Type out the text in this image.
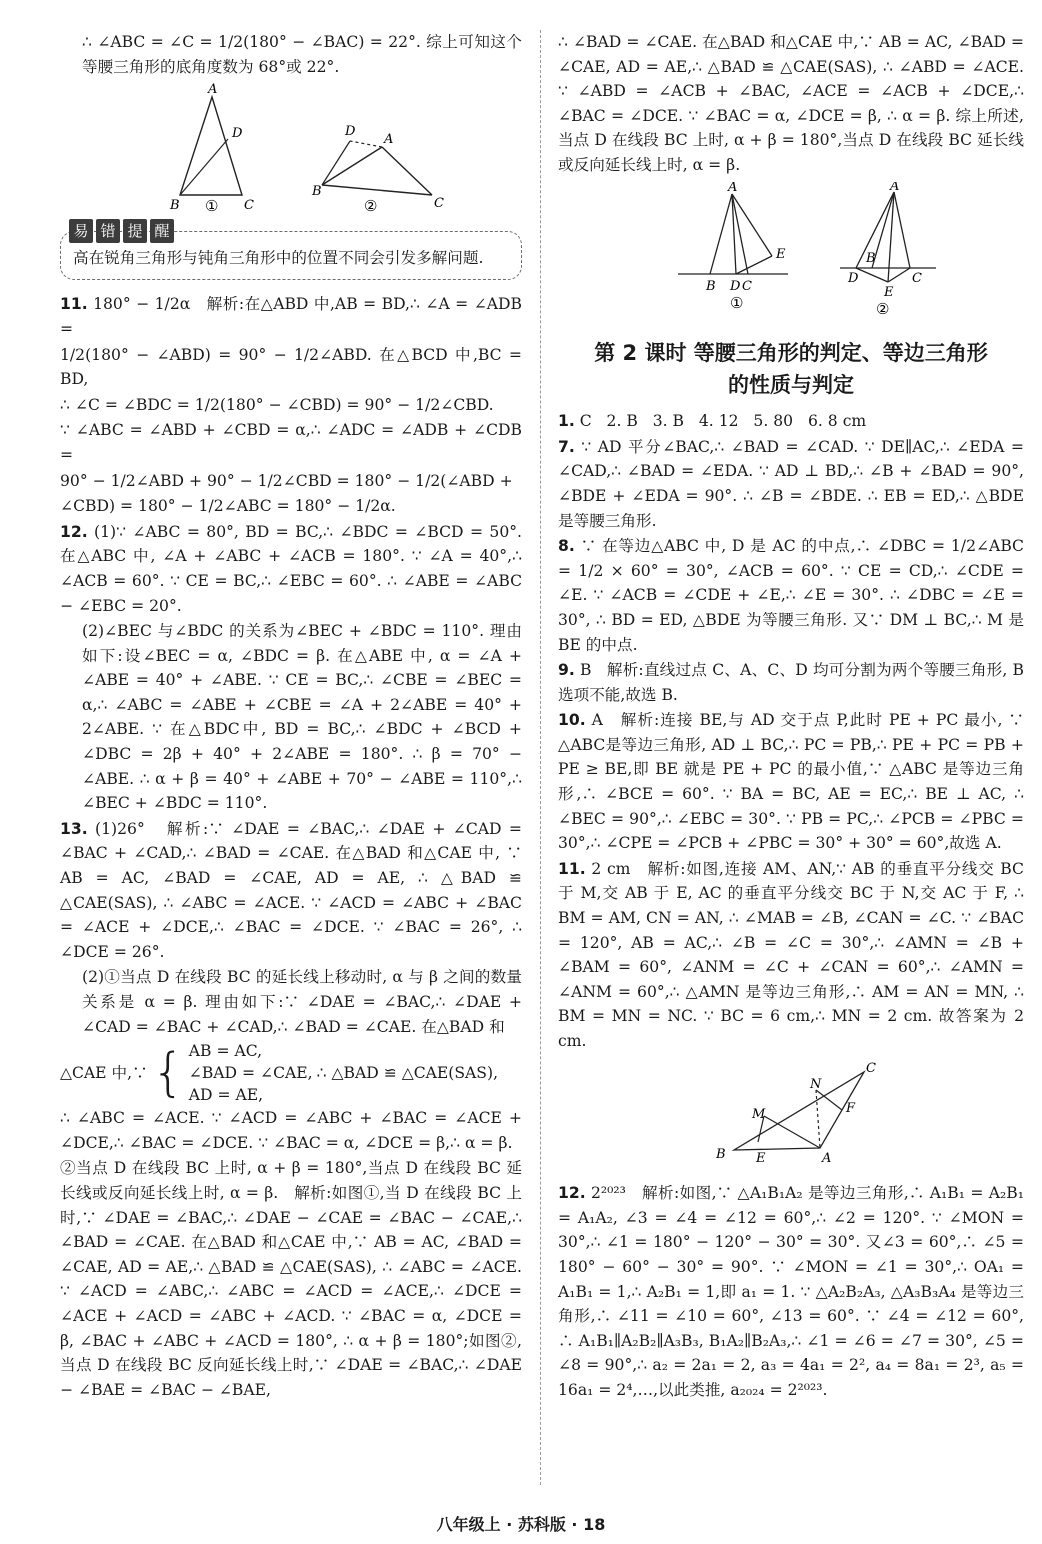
∴ ∠ABC = ∠C = 1/2(180° − ∠BAC) = 22°. 综上可知这个等腰三角形的底角度数为 68°或 22°.

A
B	C
D
①
A
B
C
D
②
易 错 提 醒

高在锐角三角形与钝角三角形中的位置不同会引发多解问题.

11. 180° − 1/2α   解析:在△ABD 中,AB = BD,∴ ∠A = ∠ADB =

1/2(180° − ∠ABD) = 90° − 1/2∠ABD. 在△BCD 中,BC = BD,

∴ ∠C = ∠BDC = 1/2(180° − ∠CBD) = 90° − 1/2∠CBD.

∵ ∠ABC = ∠ABD + ∠CBD = α,∴ ∠ADC = ∠ADB + ∠CDB =

90° − 1/2∠ABD + 90° − 1/2∠CBD = 180° − 1/2(∠ABD +

∠CBD) = 180° − 1/2∠ABC = 180° − 1/2α.

12. (1)∵ ∠ABC = 80°, BD = BC,∴ ∠BDC = ∠BCD = 50°. 在△ABC 中, ∠A + ∠ABC + ∠ACB = 180°. ∵ ∠A = 40°,∴ ∠ACB = 60°. ∵ CE = BC,∴ ∠EBC = 60°. ∴ ∠ABE = ∠ABC − ∠EBC = 20°.

(2)∠BEC 与∠BDC 的关系为∠BEC + ∠BDC = 110°. 理由如下:设∠BEC = α, ∠BDC = β. 在△ABE 中, α = ∠A + ∠ABE = 40° + ∠ABE. ∵ CE = BC,∴ ∠CBE = ∠BEC = α,∴ ∠ABC = ∠ABE + ∠CBE = ∠A + 2∠ABE = 40° + 2∠ABE. ∵ 在△BDC中, BD = BC,∴ ∠BDC + ∠BCD + ∠DBC = 2β + 40° + 2∠ABE = 180°. ∴ β = 70° − ∠ABE. ∴ α + β = 40° + ∠ABE + 70° − ∠ABE = 110°,∴ ∠BEC + ∠BDC = 110°.

13. (1)26°   解析:∵ ∠DAE = ∠BAC,∴ ∠DAE + ∠CAD = ∠BAC + ∠CAD,∴ ∠BAD = ∠CAE. 在△BAD 和△CAE 中, ∵ AB = AC, ∠BAD = ∠CAE, AD = AE, ∴ △BAD ≌ △CAE(SAS), ∴ ∠ABC = ∠ACE. ∵ ∠ACD = ∠ABC + ∠BAC = ∠ACE + ∠DCE,∴ ∠BAC = ∠DCE. ∵ ∠BAC = 26°, ∴ ∠DCE = 26°.

(2)①当点 D 在线段 BC 的延长线上移动时, α 与 β 之间的数量关系是 α = β. 理由如下:∵ ∠DAE = ∠BAC,∴ ∠DAE + ∠CAD = ∠BAC + ∠CAD,∴ ∠BAD = ∠CAE. 在△BAD 和

△CAE 中,∵ { AB = AC,
∠BAD = ∠CAE,
AD = AE,
∴ △BAD ≌ △CAE(SAS),

∴ ∠ABC = ∠ACE. ∵ ∠ACD = ∠ABC + ∠BAC = ∠ACE + ∠DCE,∴ ∠BAC = ∠DCE. ∵ ∠BAC = α, ∠DCE = β,∴ α = β.

②当点 D 在线段 BC 上时, α + β = 180°,当点 D 在线段 BC 延长线或反向延长线上时, α = β.   解析:如图①,当 D 在线段 BC 上时,∵ ∠DAE = ∠BAC,∴ ∠DAE − ∠CAE = ∠BAC − ∠CAE,∴ ∠BAD = ∠CAE. 在△BAD 和△CAE 中,∵ AB = AC, ∠BAD = ∠CAE, AD = AE,∴ △BAD ≌ △CAE(SAS), ∴ ∠ABC = ∠ACE. ∵ ∠ACD = ∠ABC,∴ ∠ABC = ∠ACD = ∠ACE,∴ ∠DCE = ∠ACE + ∠ACD = ∠ABC + ∠ACD. ∵ ∠BAC = α, ∠DCE = β, ∠BAC + ∠ABC + ∠ACD = 180°, ∴ α + β = 180°;如图②,当点 D 在线段 BC 反向延长线上时,∵ ∠DAE = ∠BAC,∴ ∠DAE − ∠BAE = ∠BAC − ∠BAE,

∴ ∠BAD = ∠CAE. 在△BAD 和△CAE 中,∵ AB = AC, ∠BAD = ∠CAE, AD = AE,∴ △BAD ≌ △CAE(SAS), ∴ ∠ABD = ∠ACE. ∵ ∠ABD = ∠ACB + ∠BAC, ∠ACE = ∠ACB + ∠DCE,∴ ∠BAC = ∠DCE. ∵ ∠BAC = α, ∠DCE = β, ∴ α = β. 综上所述,当点 D 在线段 BC 上时, α + β = 180°,当点 D 在线段 BC 延长线或反向延长线上时, α = β.

A
E
B D C
①
A
B
D
E
C
②
第 2 课时 等腰三角形的判定、等边三角形
的性质与判定

1. C   2. B   3. B   4. 12   5. 80   6. 8 cm

7. ∵ AD 平分∠BAC,∴ ∠BAD = ∠CAD. ∵ DE∥AC,∴ ∠EDA = ∠CAD,∴ ∠BAD = ∠EDA. ∵ AD ⊥ BD,∴ ∠B + ∠BAD = 90°, ∠BDE + ∠EDA = 90°. ∴ ∠B = ∠BDE. ∴ EB = ED,∴ △BDE 是等腰三角形.

8. ∵ 在等边△ABC 中, D 是 AC 的中点,∴ ∠DBC = 1/2∠ABC = 1/2 × 60° = 30°, ∠ACB = 60°. ∵ CE = CD,∴ ∠CDE = ∠E. ∵ ∠ACB = ∠CDE + ∠E,∴ ∠E = 30°. ∴ ∠DBC = ∠E = 30°, ∴ BD = ED, △BDE 为等腰三角形. 又∵ DM ⊥ BC,∴ M 是 BE 的中点.

9. B   解析:直线过点 C、A、C、D 均可分割为两个等腰三角形, B 选项不能,故选 B.

10. A   解析:连接 BE,与 AD 交于点 P,此时 PE + PC 最小, ∵ △ABC是等边三角形, AD ⊥ BC,∴ PC = PB,∴ PE + PC = PB + PE ≥ BE,即 BE 就是 PE + PC 的最小值,∵ △ABC 是等边三角形,∴ ∠BCE = 60°. ∵ BA = BC, AE = EC,∴ BE ⊥ AC, ∴ ∠BEC = 90°,∴ ∠EBC = 30°. ∵ PB = PC,∴ ∠PCB = ∠PBC = 30°,∴ ∠CPE = ∠PCB + ∠PBC = 30° + 30° = 60°,故选 A.

11. 2 cm   解析:如图,连接 AM、AN,∵ AB 的垂直平分线交 BC 于 M,交 AB 于 E, AC 的垂直平分线交 BC 于 N,交 AC 于 F, ∴ BM = AM, CN = AN, ∴ ∠MAB = ∠B, ∠CAN = ∠C. ∵ ∠BAC = 120°, AB = AC,∴ ∠B = ∠C = 30°,∴ ∠AMN = ∠B + ∠BAM = 60°, ∠ANM = ∠C + ∠CAN = 60°,∴ ∠AMN = ∠ANM = 60°,∴ △AMN 是等边三角形,∴ AM = AN = MN, ∴ BM = MN = NC. ∵ BC = 6 cm,∴ MN = 2 cm. 故答案为 2 cm.

C
N
F
M
B E	A

12. 2²⁰²³   解析:如图,∵ △A₁B₁A₂ 是等边三角形,∴ A₁B₁ = A₂B₁ = A₁A₂, ∠3 = ∠4 = ∠12 = 60°,∴ ∠2 = 120°. ∵ ∠MON = 30°,∴ ∠1 = 180° − 120° − 30° = 30°. 又∠3 = 60°,∴ ∠5 = 180° − 60° − 30° = 90°. ∵ ∠MON = ∠1 = 30°,∴ OA₁ = A₁B₁ = 1,∴ A₂B₁ = 1,即 a₁ = 1. ∵ △A₂B₂A₃, △A₃B₃A₄ 是等边三角形,∴ ∠11 = ∠10 = 60°, ∠13 = 60°. ∵ ∠4 = ∠12 = 60°, ∴ A₁B₁∥A₂B₂∥A₃B₃, B₁A₂∥B₂A₃,∴ ∠1 = ∠6 = ∠7 = 30°, ∠5 = ∠8 = 90°,∴ a₂ = 2a₁ = 2, a₃ = 4a₁ = 2², a₄ = 8a₁ = 2³, a₅ = 16a₁ = 2⁴,…,以此类推, a₂₀₂₄ = 2²⁰²³.

八年级上 · 苏科版 · 18
